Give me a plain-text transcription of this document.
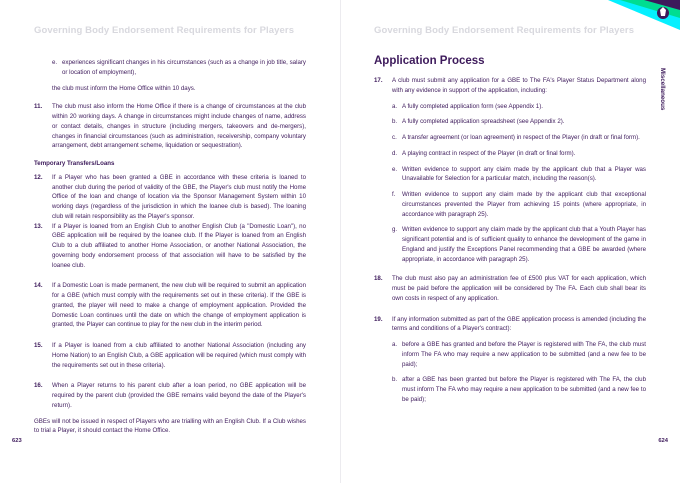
Governing Body Endorsement Requirements for Players
e. experiences significant changes in his circumstances (such as a change in job title, salary or location of employment),
the club must inform the Home Office within 10 days.
11. The club must also inform the Home Office if there is a change of circumstances at the club within 20 working days. A change in circumstances might include changes of name, address or contact details, changes in structure (including mergers, takeovers and de-mergers), changes in financial circumstances (such as administration, receivership, company voluntary arrangement, debt arrangement scheme, liquidation or sequestration).
Temporary Transfers/Loans
12. If a Player who has been granted a GBE in accordance with these criteria is loaned to another club during the period of validity of the GBE, the Player's club must notify the Home Office of the loan and change of location via the Sponsor Management System within 10 working days (regardless of the jurisdiction in which the loanee club is based). The loaning club will retain responsibility as the Player's sponsor.
13. If a Player is loaned from an English Club to another English Club (a "Domestic Loan"), no GBE application will be required by the loanee club. If the Player is loaned from an English Club to a club affiliated to another Home Association, or another National Association, the governing body endorsement process of that association will have to be satisfied by the loanee club.
14. If a Domestic Loan is made permanent, the new club will be required to submit an application for a GBE (which must comply with the requirements set out in these criteria). If the GBE is granted, the player will need to make a change of employment application. Provided the Domestic Loan continues until the date on which the change of employment application is granted, the Player can continue to play for the new club in the interim period.
15. If a Player is loaned from a club affiliated to another National Association (including any Home Nation) to an English Club, a GBE application will be required (which must comply with the requirements set out in these criteria).
16. When a Player returns to his parent club after a loan period, no GBE application will be required by the parent club (provided the GBE remains valid beyond the date of the Player's return).
GBEs will not be issued in respect of Players who are trialling with an English Club. If a Club wishes to trial a Player, it should contact the Home Office.
623
Governing Body Endorsement Requirements for Players
17. A club must submit any application for a GBE to The FA's Player Status Department along with any evidence in support of the application, including:
a. A fully completed application form (see Appendix 1).
b. A fully completed application spreadsheet (see Appendix 2).
c. A transfer agreement (or loan agreement) in respect of the Player (in draft or final form).
d. A playing contract in respect of the Player (in draft or final form).
e. Written evidence to support any claim made by the applicant club that a Player was Unavailable for Selection for a particular match, including the reason(s).
f. Written evidence to support any claim made by the applicant club that exceptional circumstances prevented the Player from achieving 15 points (where appropriate, in accordance with paragraph 25).
g. Written evidence to support any claim made by the applicant club that a Youth Player has significant potential and is of sufficient quality to enhance the development of the game in England and justify the Exceptions Panel recommending that a GBE be awarded (where appropriate, in accordance with paragraph 25).
18. The club must also pay an administration fee of £500 plus VAT for each application, which must be paid before the application will be considered by The FA. Each club shall bear its own costs in respect of any application.
19. If any information submitted as part of the GBE application process is amended (including the terms and conditions of a Player's contract):
a. before a GBE has granted and before the Player is registered with The FA, the club must inform The FA who may require a new application to be submitted (and a new fee to be paid);
b. after a GBE has been granted but before the Player is registered with The FA, the club must inform The FA who may require a new application to be submitted (and a new fee to be paid);
624
Application Process
Miscellaneous
